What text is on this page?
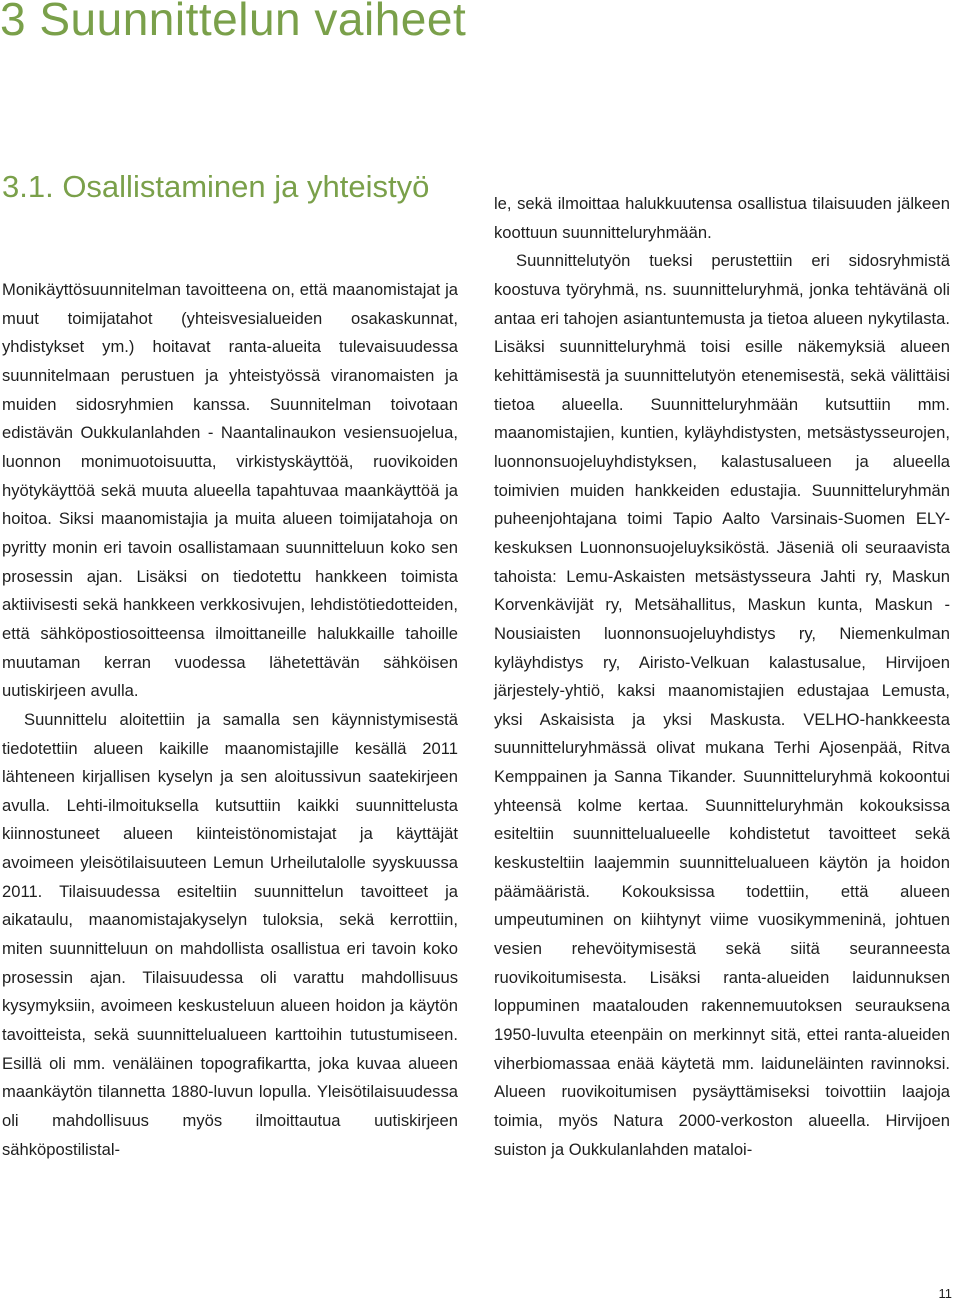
3 Suunnittelun vaiheet
3.1. Osallistaminen ja yhteistyö

Monikäyttösuunnitelman tavoitteena on, että maanomistajat ja muut toimijatahot (yhteisvesialueiden osakaskunnat, yhdistykset ym.) hoitavat ranta-alueita tulevaisuudessa suunnitelmaan perustuen ja yhteistyössä viranomaisten ja muiden sidosryhmien kanssa. Suunnitelman toivotaan edistävän Oukkulanlahden - Naantalinaukon vesiensuojelua, luonnon monimuotoisuutta, virkistyskäyttöä, ruovikoiden hyötykäyttöä sekä muuta alueella tapahtuvaa maankäyttöä ja hoitoa. Siksi maanomistajia ja muita alueen toimijatahoja on pyritty monin eri tavoin osallistamaan suunnitteluun koko sen prosessin ajan. Lisäksi on tiedotettu hankkeen toimista aktiivisesti sekä hankkeen verkkosivujen, lehdistötiedotteiden, että sähköpostiosoitteensa ilmoittaneille halukkaille tahoille muutaman kerran vuodessa lähetettävän sähköisen uutiskirjeen avulla.

Suunnittelu aloitettiin ja samalla sen käynnistymisestä tiedotettiin alueen kaikille maanomistajille kesällä 2011 lähteneen kirjallisen kyselyn ja sen aloitussivun saatekirjeen avulla. Lehti-ilmoituksella kutsuttiin kaikki suunnittelusta kiinnostuneet alueen kiinteistönomistajat ja käyttäjät avoimeen yleisötilaisuuteen Lemun Urheilutalolle syyskuussa 2011. Tilaisuudessa esiteltiin suunnittelun tavoitteet ja aikataulu, maanomistajakyselyn tuloksia, sekä kerrottiin, miten suunnitteluun on mahdollista osallistua eri tavoin koko prosessin ajan. Tilaisuudessa oli varattu mahdollisuus kysymyksiin, avoimeen keskusteluun alueen hoidon ja käytön tavoitteista, sekä suunnittelualueen karttoihin tutustumiseen. Esillä oli mm. venäläinen topografikartta, joka kuvaa alueen maankäytön tilannetta 1880-luvun lopulla. Yleisötilaisuudessa oli mahdollisuus myös ilmoittautua uutiskirjeen sähköpostilistal-

le, sekä ilmoittaa halukkuutensa osallistua tilaisuuden jälkeen koottuun suunnitteluryhmään.

Suunnittelutyön tueksi perustettiin eri sidosryhmistä koostuva työryhmä, ns. suunnitteluryhmä, jonka tehtävänä oli antaa eri tahojen asiantuntemusta ja tietoa alueen nykytilasta. Lisäksi suunnitteluryhmä toisi esille näkemyksiä alueen kehittämisestä ja suunnittelutyön etenemisestä, sekä välittäisi tietoa alueella. Suunnitteluryhmään kutsuttiin mm. maanomistajien, kuntien, kyläyhdistysten, metsästysseurojen, luonnonsuojeluyhdistyksen, kalastusalueen ja alueella toimivien muiden hankkeiden edustajia. Suunnitteluryhmän puheenjohtajana toimi Tapio Aalto Varsinais-Suomen ELY-keskuksen Luonnonsuojeluyksiköstä. Jäseniä oli seuraavista tahoista: Lemu-Askaisten metsästysseura Jahti ry, Maskun Korvenkävijät ry, Metsähallitus, Maskun kunta, Maskun - Nousiaisten luonnonsuojeluyhdistys ry, Niemenkulman kyläyhdistys ry, Airisto-Velkuan kalastusalue, Hirvijoen järjestely-yhtiö, kaksi maanomistajien edustajaa Lemusta, yksi Askaisista ja yksi Maskusta. VELHO-hankkeesta suunnitteluryhmässä olivat mukana Terhi Ajosenpää, Ritva Kemppainen ja Sanna Tikander. Suunnitteluryhmä kokoontui yhteensä kolme kertaa. Suunnitteluryhmän kokouksissa esiteltiin suunnittelualueelle kohdistetut tavoitteet sekä keskusteltiin laajemmin suunnittelualueen käytön ja hoidon päämääristä. Kokouksissa todettiin, että alueen umpeutuminen on kiihtynyt viime vuosikymmeninä, johtuen vesien rehevöitymisestä sekä siitä seuranneesta ruovikoitumisesta. Lisäksi ranta-alueiden laidunnuksen loppuminen maatalouden rakennemuutoksen seurauksena 1950-luvulta eteenpäin on merkinnyt sitä, ettei ranta-alueiden viherbiomassaa enää käytetä mm. laiduneläinten ravinnoksi. Alueen ruovikoitumisen pysäyttämiseksi toivottiin laajoja toimia, myös Natura 2000-verkoston alueella. Hirvijoen suiston ja Oukkulanlahden mataloi-

11
